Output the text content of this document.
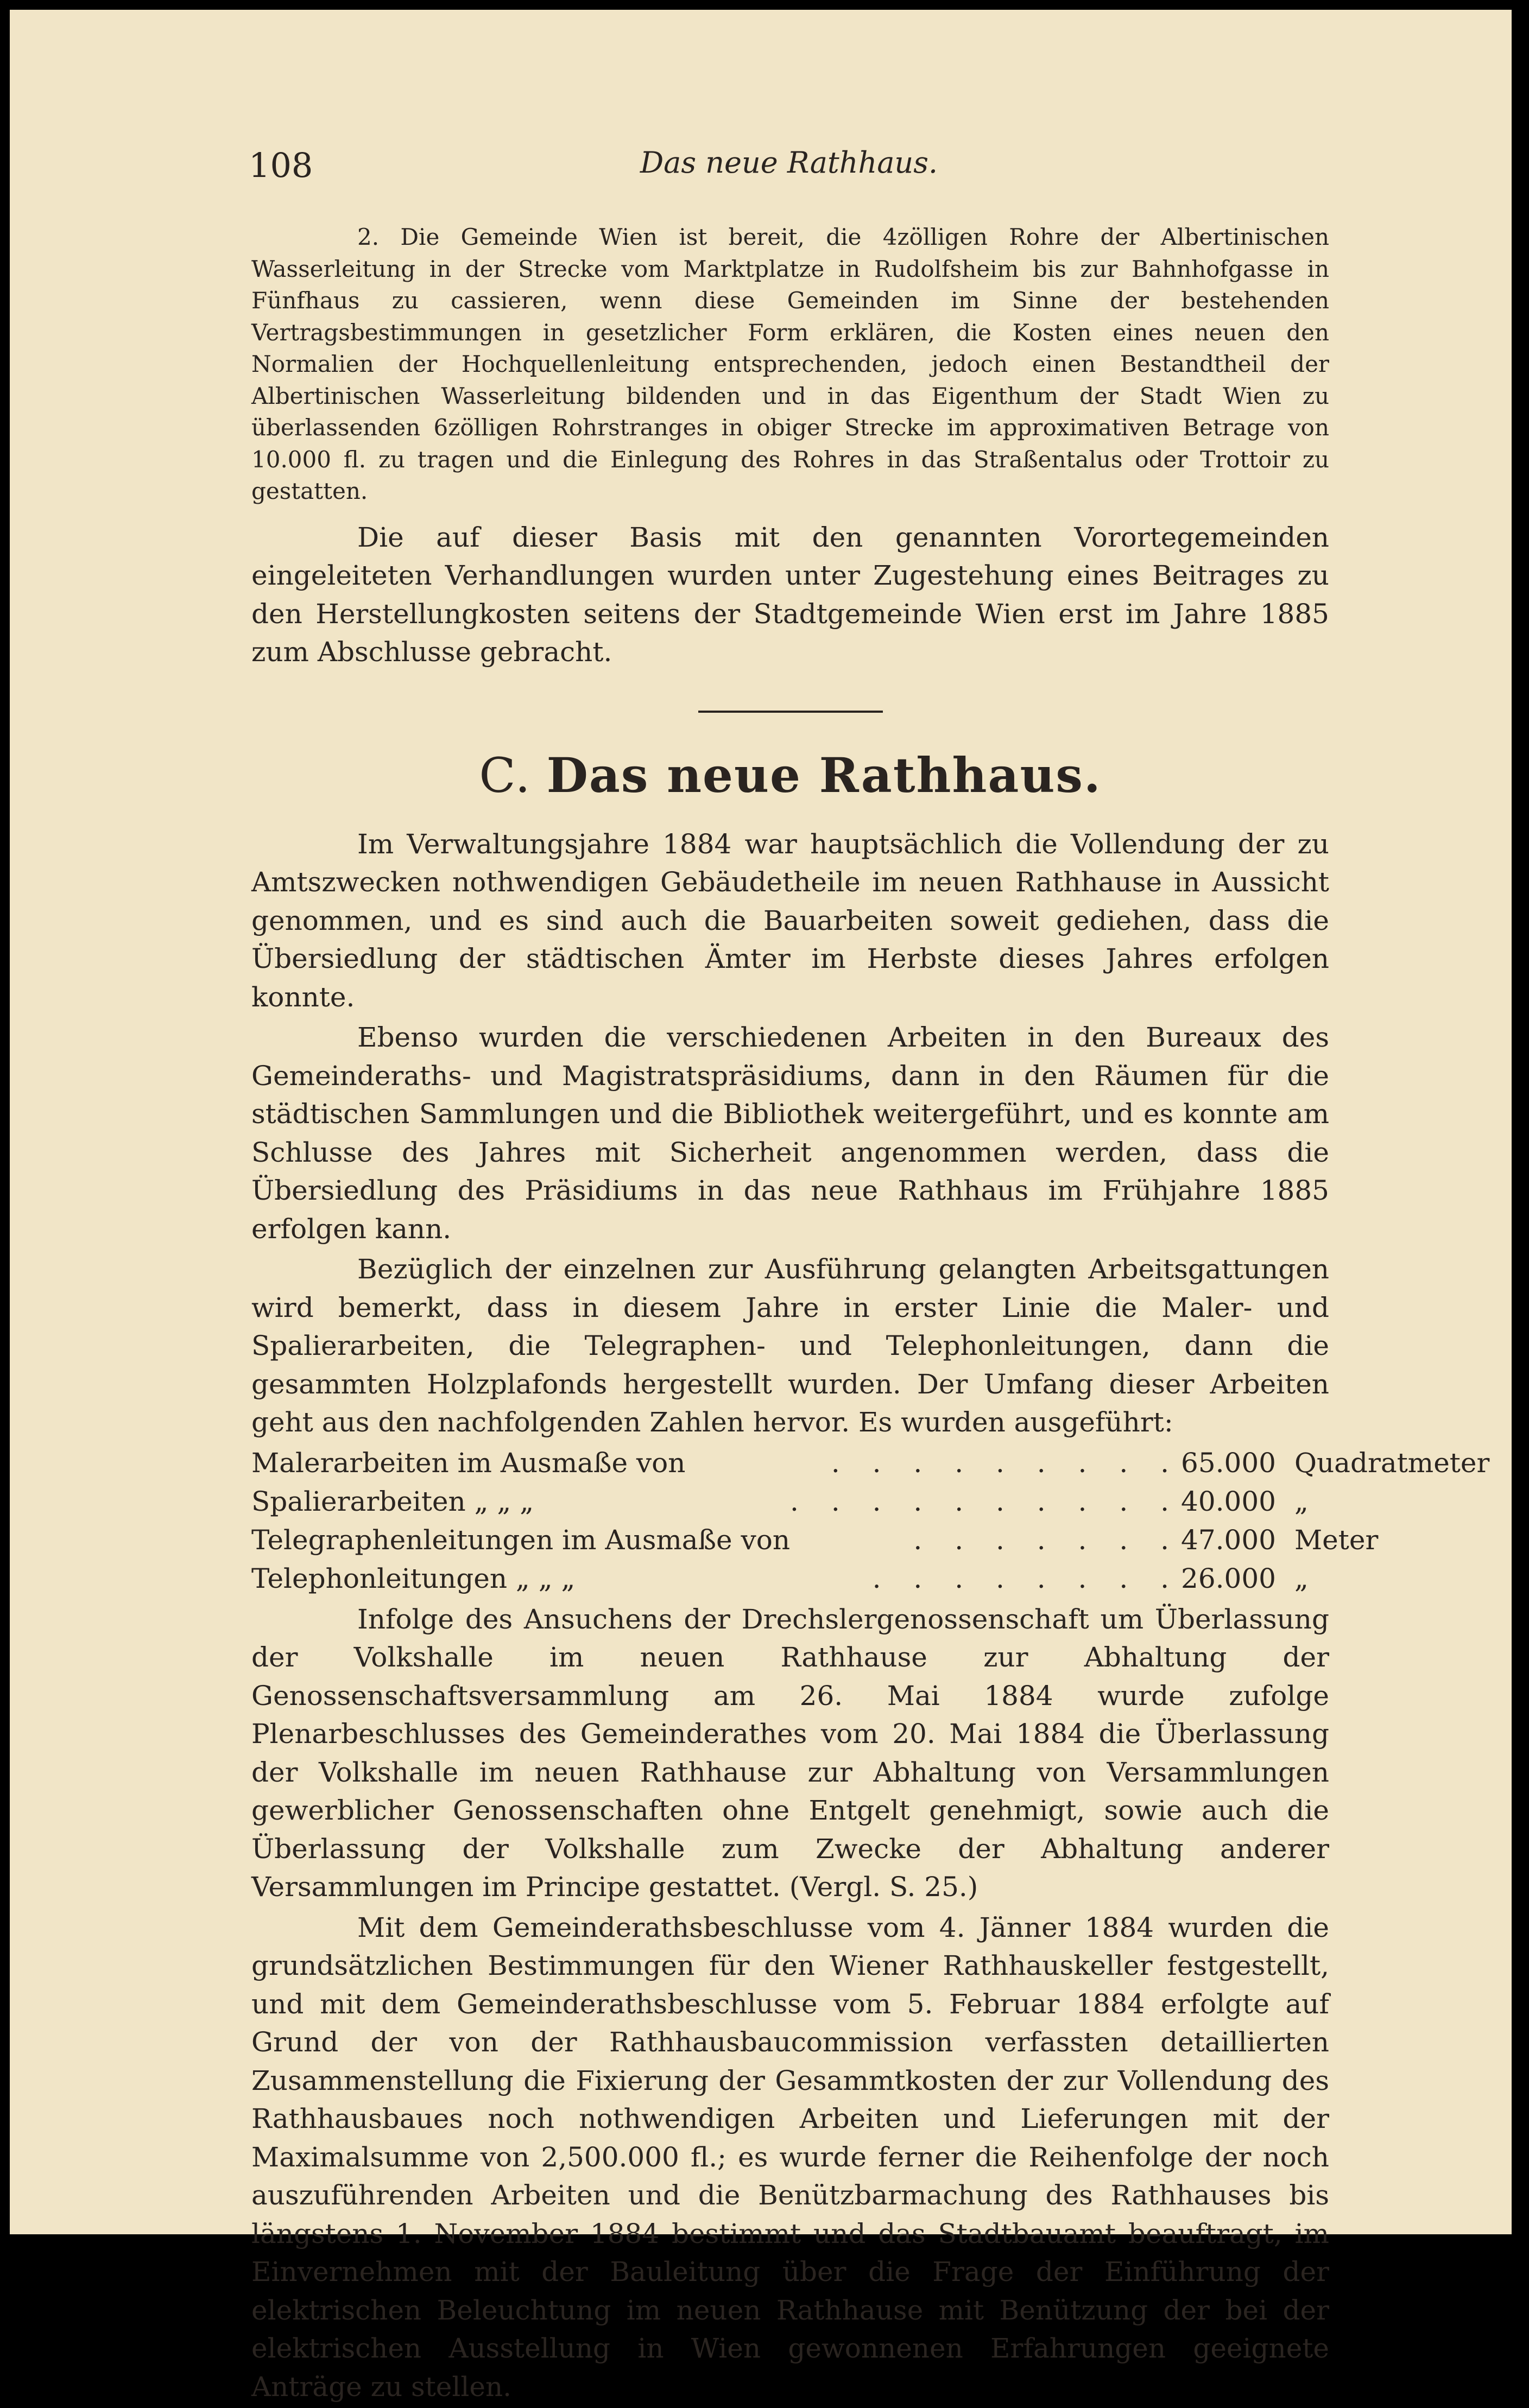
108	Das neue Rathhaus.

2. Die Gemeinde Wien ist bereit, die 4zölligen Rohre der Albertinischen Wasserleitung in der Strecke vom Marktplatze in Rudolfsheim bis zur Bahnhofgasse in Fünfhaus zu cassieren, wenn diese Gemeinden im Sinne der bestehenden Vertragsbestimmungen in gesetzlicher Form erklären, die Kosten eines neuen den Normalien der Hochquellenleitung entsprechenden, jedoch einen Bestandtheil der Albertinischen Wasserleitung bildenden und in das Eigenthum der Stadt Wien zu überlassenden 6zölligen Rohrstranges in obiger Strecke im approximativen Betrage von 10.000 fl. zu tragen und die Einlegung des Rohres in das Straßentalus oder Trottoir zu gestatten.

Die auf dieser Basis mit den genannten Vorortegemeinden eingeleiteten Verhandlungen wurden unter Zugestehung eines Beitrages zu den Herstellungkosten seitens der Stadtgemeinde Wien erst im Jahre 1885 zum Abschlusse gebracht.

C. Das neue Rathhaus.

Im Verwaltungsjahre 1884 war hauptsächlich die Vollendung der zu Amtszwecken nothwendigen Gebäudetheile im neuen Rathhause in Aussicht genommen, und es sind auch die Bauarbeiten soweit gediehen, dass die Übersiedlung der städtischen Ämter im Herbste dieses Jahres erfolgen konnte.

Ebenso wurden die verschiedenen Arbeiten in den Bureaux des Gemeinderaths- und Magistratspräsidiums, dann in den Räumen für die städtischen Sammlungen und die Bibliothek weitergeführt, und es konnte am Schlusse des Jahres mit Sicherheit angenommen werden, dass die Übersiedlung des Präsidiums in das neue Rathhaus im Frühjahre 1885 erfolgen kann.

Bezüglich der einzelnen zur Ausführung gelangten Arbeitsgattungen wird bemerkt, dass in diesem Jahre in erster Linie die Maler- und Spalierarbeiten, die Telegraphen- und Telephonleitungen, dann die gesammten Holzplafonds hergestellt wurden. Der Umfang dieser Arbeiten geht aus den nachfolgenden Zahlen hervor. Es wurden ausgeführt:

Malerarbeiten im Ausmaße von	. . . . . . . . .	65.000	Quadratmeter
Spalierarbeiten „ „ „	. . . . . . . . . .	40.000	„
Telegraphenleitungen im Ausmaße von	. . . . . . .	47.000	Meter
Telephonleitungen „ „ „	. . . . . . . .	26.000	„

Infolge des Ansuchens der Drechslergenossenschaft um Überlassung der Volkshalle im neuen Rathhause zur Abhaltung der Genossenschaftsversammlung am 26. Mai 1884 wurde zufolge Plenarbeschlusses des Gemeinderathes vom 20. Mai 1884 die Überlassung der Volkshalle im neuen Rathhause zur Abhaltung von Versammlungen gewerblicher Genossenschaften ohne Entgelt genehmigt, sowie auch die Überlassung der Volkshalle zum Zwecke der Abhaltung anderer Versammlungen im Principe gestattet. (Vergl. S. 25.)

Mit dem Gemeinderathsbeschlusse vom 4. Jänner 1884 wurden die grundsätzlichen Bestimmungen für den Wiener Rathhauskeller festgestellt, und mit dem Gemeinderathsbeschlusse vom 5. Februar 1884 erfolgte auf Grund der von der Rathhausbaucommission verfassten detaillierten Zusammenstellung die Fixierung der Gesammtkosten der zur Vollendung des Rathhausbaues noch nothwendigen Arbeiten und Lieferungen mit der Maximalsumme von 2,500.000 fl.; es wurde ferner die Reihenfolge der noch auszuführenden Arbeiten und die Benützbarmachung des Rathhauses bis längstens 1. November 1884 bestimmt und das Stadtbauamt beauftragt, im Einvernehmen mit der Bauleitung über die Frage der Einführung der elektrischen Beleuchtung im neuen Rathhause mit Benützung der bei der elektrischen Ausstellung in Wien gewonnenen Erfahrungen geeignete Anträge zu stellen.
